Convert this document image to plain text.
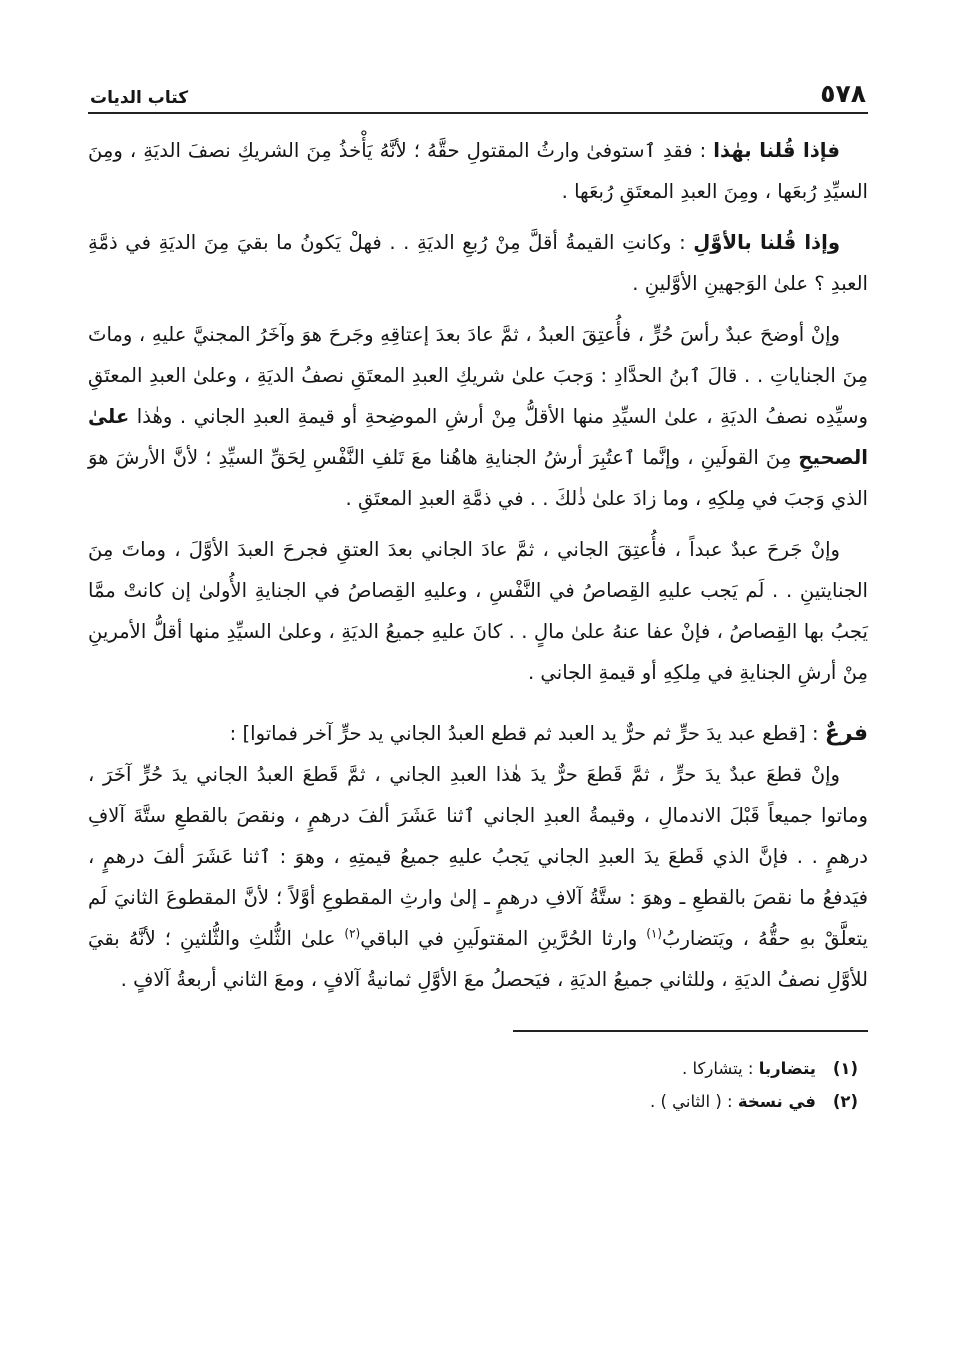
٥٧٨
كتاب الديات

فإذا قُلنا بهٰذا : فقدِ ٱستوفىٰ وارثُ المقتولِ حقَّهُ ؛ لأنَّهُ يَأْخذُ مِنَ الشريكِ نصفَ الديَةِ ، ومِنَ السيِّدِ رُبعَها ، ومِنَ العبدِ المعتَقِ رُبعَها .

وإذا قُلنا بالأوَّلِ : وكانتِ القيمةُ أقلَّ مِنْ رُبعِ الديَةِ . . فهلْ يَكونُ ما بقيَ مِنَ الديَةِ في ذمَّةِ العبدِ ؟ علىٰ الوَجهينِ الأوَّلينِ .

وإنْ أوضحَ عبدٌ رأسَ حُرٍّ ، فأُعتِقَ العبدُ ، ثمَّ عادَ بعدَ إعتاقِهِ وجَرحَ هوَ وآخَرُ المجنيَّ عليهِ ، وماتَ مِنَ الجناياتِ . . قالَ ٱبنُ الحدَّادِ : وَجبَ علىٰ شريكِ العبدِ المعتَقِ نصفُ الديَةِ ، وعلىٰ العبدِ المعتَقِ وسيِّدِه نصفُ الديَةِ ، علىٰ السيِّدِ منها الأقلُّ مِنْ أرشِ الموضِحةِ أو قيمةِ العبدِ الجاني . وهٰذا علىٰ الصحيحِ مِنَ القولَينِ ، وإنَّما ٱعتُبِرَ أرشُ الجنايةِ هاهُنا معَ تَلفِ النَّفْسِ لِحَقِّ السيِّدِ ؛ لأنَّ الأرشَ هوَ الذي وَجبَ في مِلكِهِ ، وما زادَ علىٰ ذٰلكَ . . في ذمَّةِ العبدِ المعتَقِ .

وإنْ جَرحَ عبدٌ عبداً ، فأُعتِقَ الجاني ، ثمَّ عادَ الجاني بعدَ العتقِ فجرحَ العبدَ الأوَّلَ ، وماتَ مِنَ الجنايتينِ . . لَم يَجب عليهِ القِصاصُ في النَّفْسِ ، وعليهِ القِصاصُ في الجنايةِ الأُولىٰ إن كانتْ ممَّا يَجبُ بها القِصاصُ ، فإنْ عفا عنهُ علىٰ مالٍ . . كانَ عليهِ جميعُ الديَةِ ، وعلىٰ السيِّدِ منها أقلُّ الأمرينِ مِنْ أرشِ الجنايةِ في مِلكِهِ أو قيمةِ الجاني .

فرعٌ : [قطع عبد يدَ حرٍّ ثم حرٌّ يد العبد ثم قطع العبدُ الجاني يد حرٍّ آخر فماتوا] :

وإنْ قطعَ عبدٌ يدَ حرٍّ ، ثمَّ قَطعَ حرٌّ يدَ هٰذا العبدِ الجاني ، ثمَّ قَطعَ العبدُ الجاني يدَ حُرٍّ آخَرَ ، وماتوا جميعاً قَبْلَ الاندمالِ ، وقيمةُ العبدِ الجاني ٱثنا عَشَرَ ألفَ درهمٍ ، ونقصَ بالقطعِ ستَّةَ آلافِ درهمٍ . . فإنَّ الذي قَطعَ يدَ العبدِ الجاني يَجبُ عليهِ جميعُ قيمتِهِ ، وهوَ : ٱثنا عَشَرَ ألفَ درهمٍ ، فيَدفعُ ما نقصَ بالقطعِ ـ وهوَ : ستَّةُ آلافِ درهمٍ ـ إلىٰ وارثِ المقطوعِ أوَّلاً ؛ لأنَّ المقطوعَ الثانيَ لَم يتعلَّقْ بهِ حقُّهُ ، ويَتضاربُ$^{(١)}$ وارثا الحُرَّينِ المقتولَينِ في الباقي$^{(٢)}$ علىٰ الثُّلثِ والثُّلثينِ ؛ لأنَّهُ بقيَ للأوَّلِ نصفُ الديَةِ ، وللثاني جميعُ الديَةِ ، فيَحصلُ معَ الأوَّلِ ثمانيةُ آلافٍ ، ومعَ الثاني أربعةُ آلافٍ .

(١)يتضاربا : يتشاركا .

(٢)في نسخة : ( الثاني ) .
